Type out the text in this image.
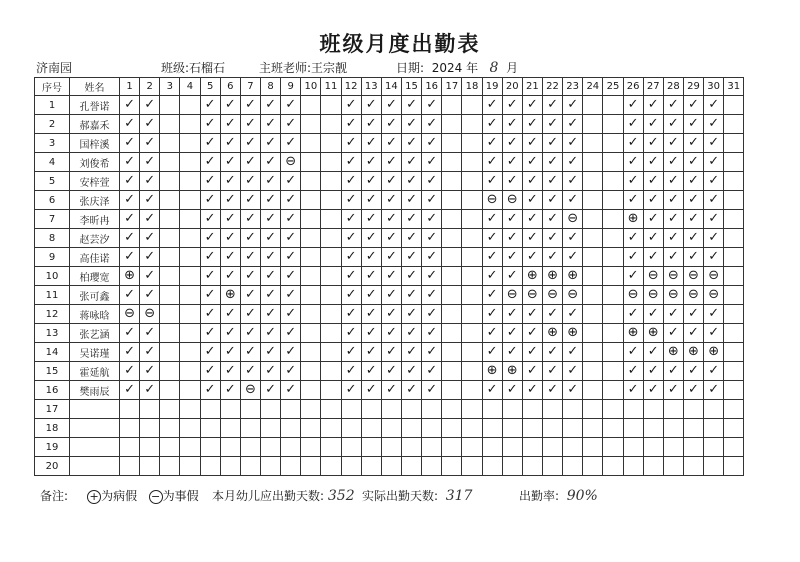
班级月度出勤表
济南园	班级:石榴石	主班老师:王宗靓	日期: 2024 年 8 月
序号	姓名	1	2	3	4	5	6	7	8	9	10	11	12	13	14	15	16	17	18	19	20	21	22	23	24	25	26	27	28	29	30	31
1	孔誉诺	✓	✓			✓	✓	✓	✓	✓			✓	✓	✓	✓	✓			✓	✓	✓	✓	✓			✓	✓	✓	✓	✓	
2	郝嘉禾	✓	✓			✓	✓	✓	✓	✓			✓	✓	✓	✓	✓			✓	✓	✓	✓	✓			✓	✓	✓	✓	✓	
3	国梓溪	✓	✓			✓	✓	✓	✓	✓			✓	✓	✓	✓	✓			✓	✓	✓	✓	✓			✓	✓	✓	✓	✓	
4	刘俊希	✓	✓			✓	✓	✓	✓	⊖			✓	✓	✓	✓	✓			✓	✓	✓	✓	✓			✓	✓	✓	✓	✓	
5	安梓萱	✓	✓			✓	✓	✓	✓	✓			✓	✓	✓	✓	✓			✓	✓	✓	✓	✓			✓	✓	✓	✓	✓	
6	张庆泽	✓	✓			✓	✓	✓	✓	✓			✓	✓	✓	✓	✓			⊖	⊖	✓	✓	✓			✓	✓	✓	✓	✓	
7	李昕冉	✓	✓			✓	✓	✓	✓	✓			✓	✓	✓	✓	✓			✓	✓	✓	✓	⊖			⊕	✓	✓	✓	✓	
8	赵芸汐	✓	✓			✓	✓	✓	✓	✓			✓	✓	✓	✓	✓			✓	✓	✓	✓	✓			✓	✓	✓	✓	✓	
9	高佳诺	✓	✓			✓	✓	✓	✓	✓			✓	✓	✓	✓	✓			✓	✓	✓	✓	✓			✓	✓	✓	✓	✓	
10	柏璎宽	⊕	✓			✓	✓	✓	✓	✓			✓	✓	✓	✓	✓			✓	✓	⊕	⊕	⊕			✓	⊖	⊖	⊖	⊖	
11	张可鑫	✓	✓			✓	⊕	✓	✓	✓			✓	✓	✓	✓	✓			✓	⊖	⊖	⊖	⊖			⊖	⊖	⊖	⊖	⊖	
12	蒋咏晗	⊖	⊖			✓	✓	✓	✓	✓			✓	✓	✓	✓	✓			✓	✓	✓	✓	✓			✓	✓	✓	✓	✓	
13	张艺涵	✓	✓			✓	✓	✓	✓	✓			✓	✓	✓	✓	✓			✓	✓	✓	⊕	⊕			⊕	⊕	✓	✓	✓	
14	吴诺瑾	✓	✓			✓	✓	✓	✓	✓			✓	✓	✓	✓	✓			✓	✓	✓	✓	✓			✓	✓	⊕	⊕	⊕	
15	霍延航	✓	✓			✓	✓	✓	✓	✓			✓	✓	✓	✓	✓			⊕	⊕	✓	✓	✓			✓	✓	✓	✓	✓	
16	樊雨辰	✓	✓			✓	✓	⊖	✓	✓			✓	✓	✓	✓	✓			✓	✓	✓	✓	✓			✓	✓	✓	✓	✓	
17																																
18																																
19																																
20																																
备注: + 为病假 − 为事假 本月幼儿应出勤天数: 352 实际出勤天数: 317	出勤率: 90%
